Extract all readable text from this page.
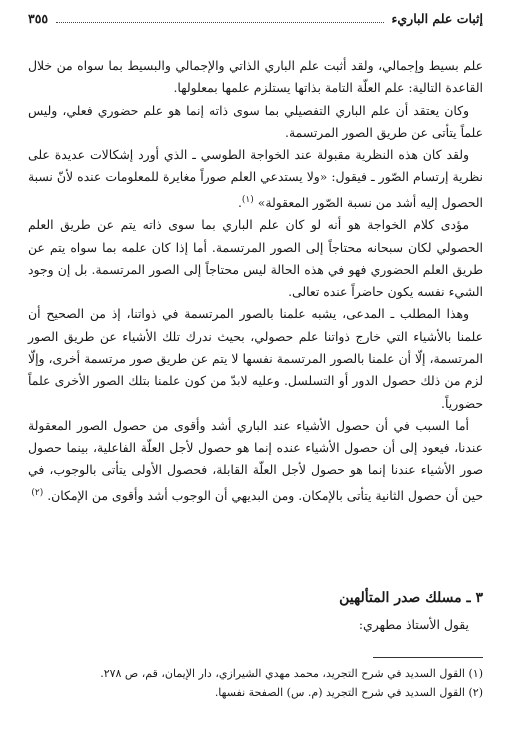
إثبات علم الباريء
٣٥٥

علم بسيط وإجمالي، ولقد أثبت علم الباري الذاتي والإجمالي والبسيط بما سواه من خلال القاعدة التالية: علم العلّة التامة بذاتها يستلزم علمها بمعلولها.

وكان يعتقد أن علم الباري التفصيلي بما سوى ذاته إنما هو علم حضوري فعلي، وليس علماً يتأتى عن طريق الصور المرتسمة.

ولقد كان هذه النظرية مقبولة عند الخواجة الطوسي ـ الذي أورد إشكالات عديدة على نظرية إرتسام الصّور ـ فيقول: «ولا يستدعي العلم صوراً مغايرة للمعلومات عنده لأنّ نسبة الحصول إليه أشد من نسبة الصّور المعقولة» $^{(١)}$.

مؤدى كلام الخواجة هو أنه لو كان علم الباري بما سوى ذاته يتم عن طريق العلم الحصولي لكان سبحانه محتاجاً إلى الصور المرتسمة. أما إذا كان علمه بما سواه يتم عن طريق العلم الحضوري فهو في هذه الحالة ليس محتاجاً إلى الصور المرتسمة. بل إن وجود الشيء نفسه يكون حاضراً عنده تعالى.

وهذا المطلب ـ المدعى، يشبه علمنا بالصور المرتسمة في ذواتنا، إذ من الصحيح أن علمنا بالأشياء التي خارج ذواتنا علم حصولي، بحيث ندرك تلك الأشياء عن طريق الصور المرتسمة، إلّا أن علمنا بالصور المرتسمة نفسها لا يتم عن طريق صور مرتسمة أخرى، وإلّا لزم من ذلك حصول الدور أو التسلسل. وعليه لابدّ من كون علمنا بتلك الصور الأخرى علماً حضورياً.

أما السبب في أن حصول الأشياء عند الباري أشد وأقوى من حصول الصور المعقولة عندنا، فيعود إلى أن حصول الأشياء عنده إنما هو حصول لأجل العلّة الفاعلية، بينما حصول صور الأشياء عندنا إنما هو حصول لأجل العلّة القابلة، فحصول الأولى يتأتى بالوجوب، في حين أن حصول الثانية يتأتى بالإمكان. ومن البديهي أن الوجوب أشد وأقوى من الإمكان. $^{(٢)}$

٣ ـ مسلك صدر المتألهين
يقول الأستاذ مطهري:
(١) القول السديد في شرح التجريد، محمد مهدي الشيرازي، دار الإيمان، قم، ص ٢٧٨.
(٢) القول السديد في شرح التجريد (م. س) الصفحة نفسها.
